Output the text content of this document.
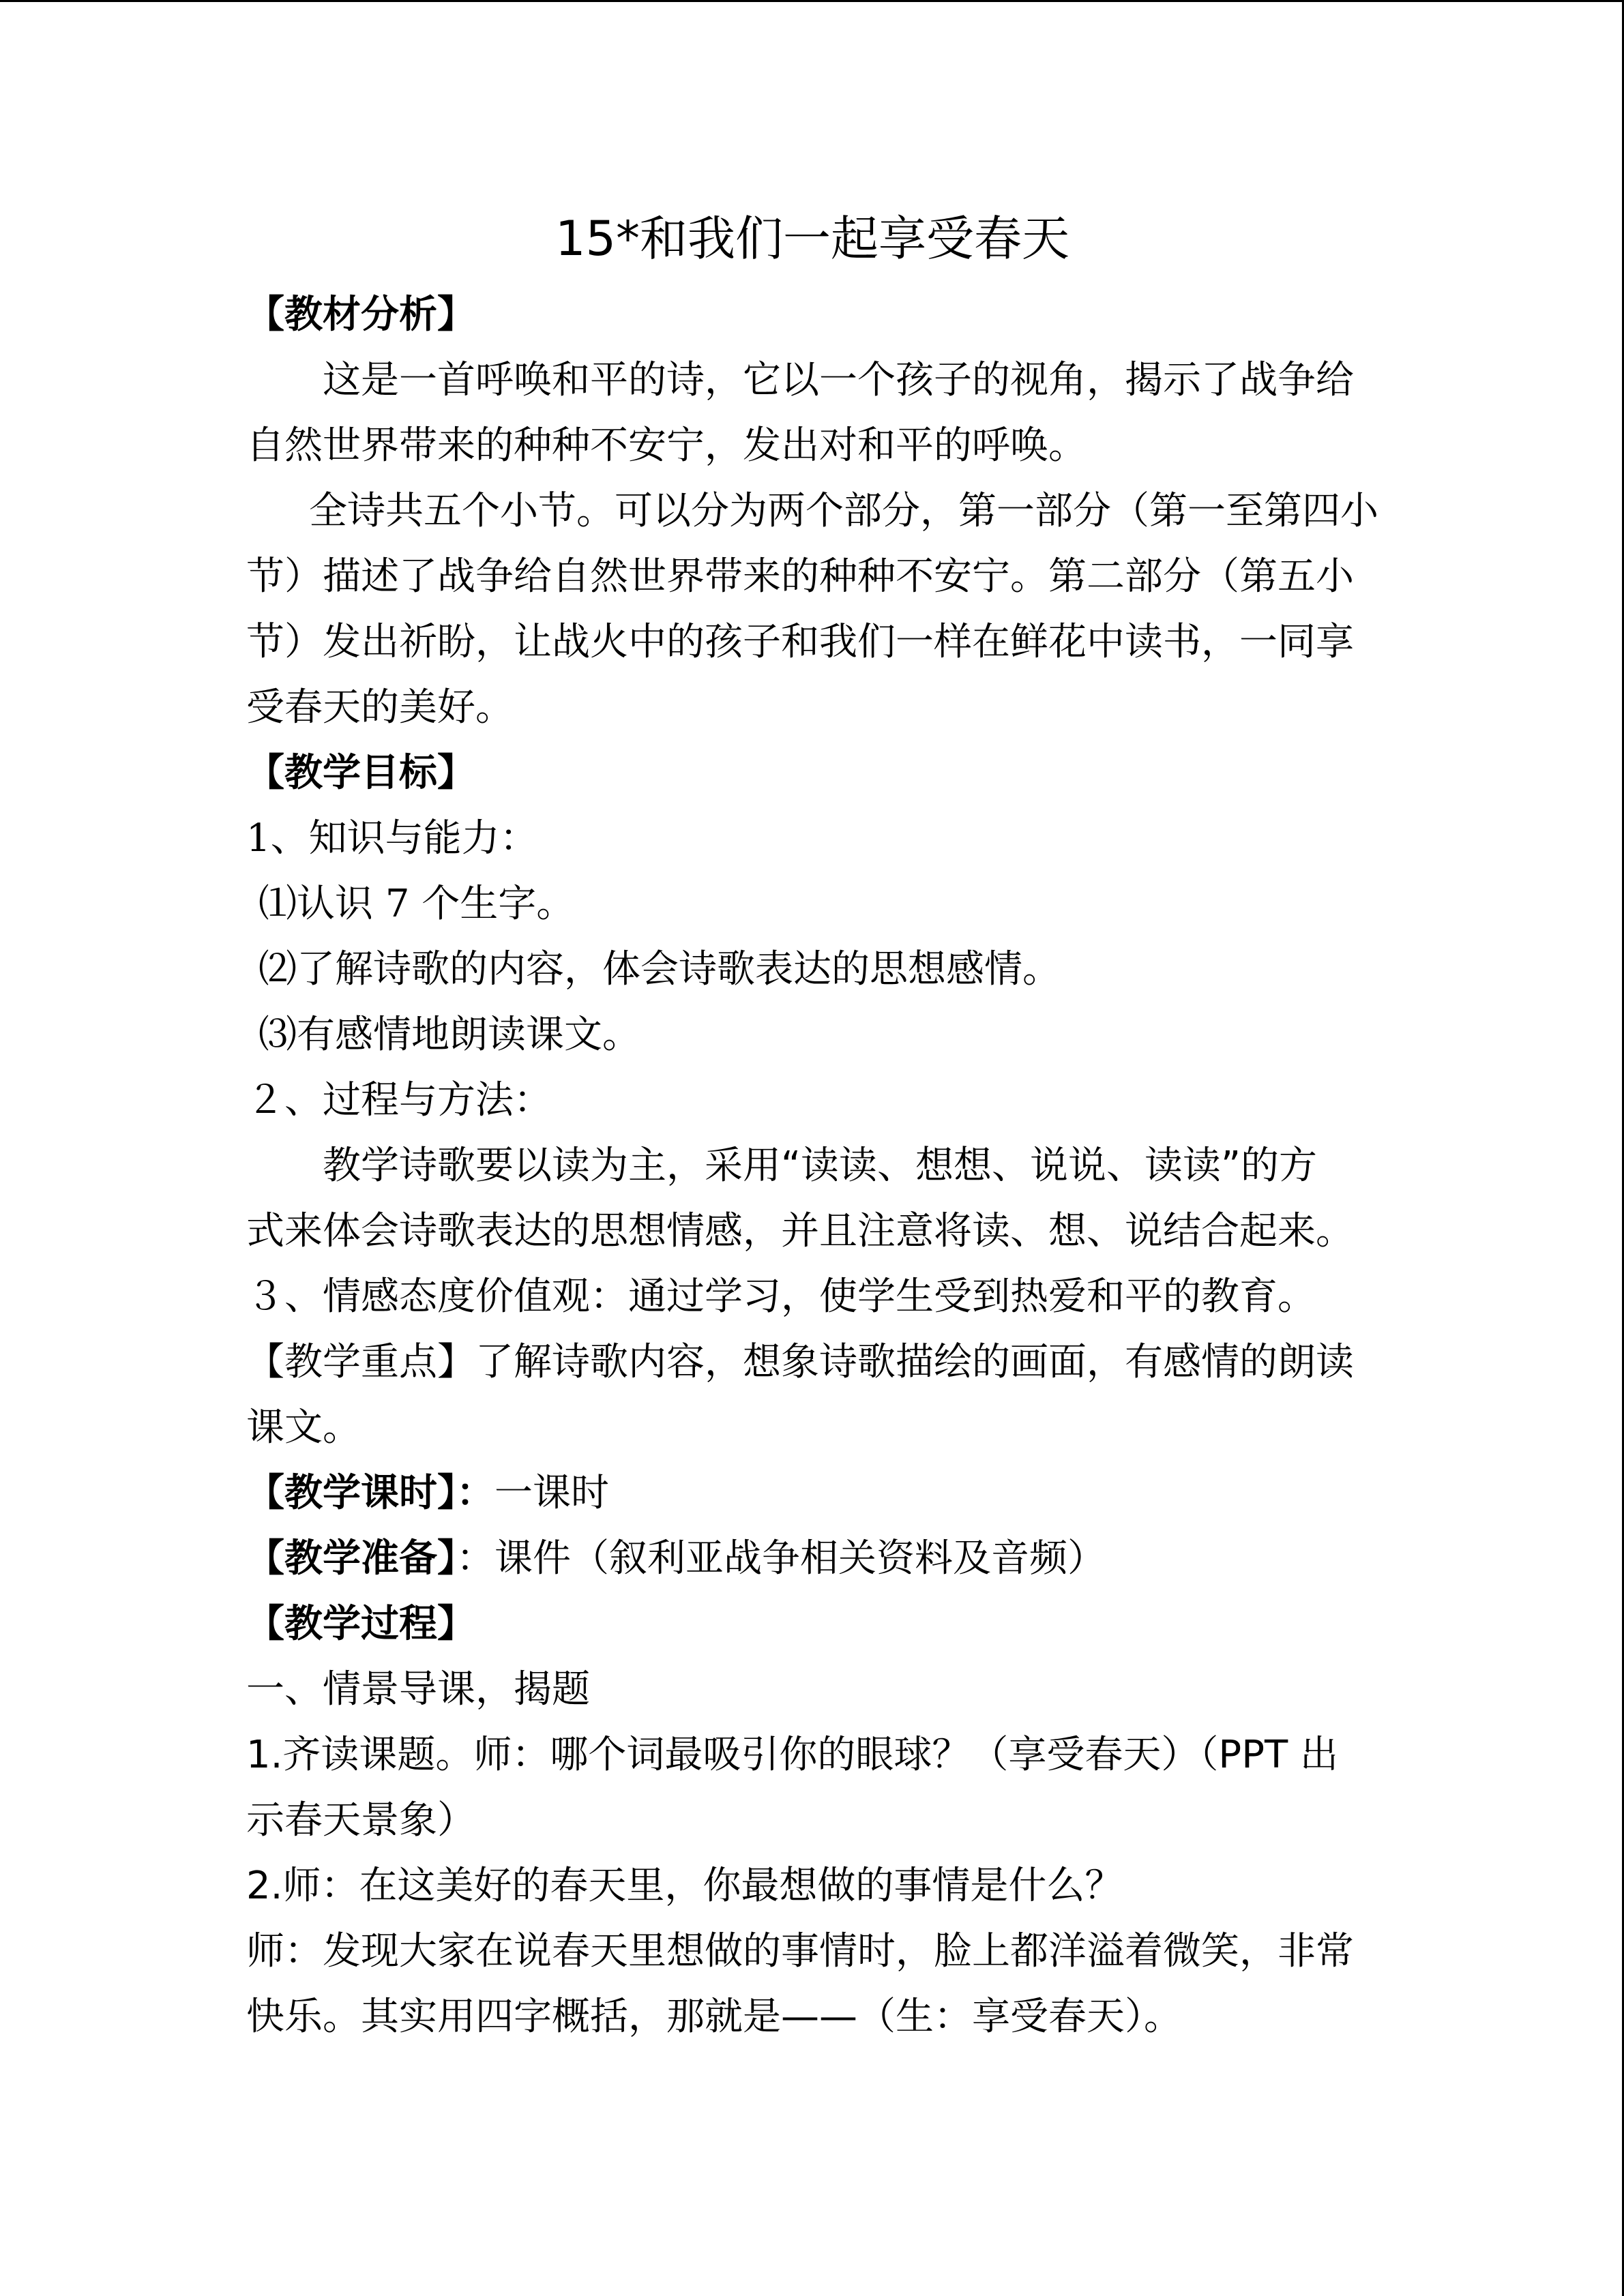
15*和我们一起享受春天
【教材分析】
这是一首呼唤和平的诗，它以一个孩子的视角，揭示了战争给
自然世界带来的种种不安宁，发出对和平的呼唤。
全诗共五个小节。可以分为两个部分，第一部分（第一至第四小
节）描述了战争给自然世界带来的种种不安宁。第二部分（第五小
节）发出祈盼，让战火中的孩子和我们一样在鲜花中读书，一同享
受春天的美好。
【教学目标】
1、知识与能力：
⑴认识 7 个生字。
⑵了解诗歌的内容，体会诗歌表达的思想感情。
⑶有感情地朗读课文。
２、过程与方法：
教学诗歌要以读为主，采用“读读、想想、说说、读读”的方
式来体会诗歌表达的思想情感，并且注意将读、想、说结合起来。
３、情感态度价值观：通过学习，使学生受到热爱和平的教育。
【教学重点】了解诗歌内容，想象诗歌描绘的画面，有感情的朗读
课文。
【教学课时】：一课时
【教学准备】：课件（叙利亚战争相关资料及音频）
【教学过程】
一、情景导课，揭题
1.齐读课题。师：哪个词最吸引你的眼球？（享受春天）（PPT 出
示春天景象）
2.师：在这美好的春天里，你最想做的事情是什么？
师：发现大家在说春天里想做的事情时，脸上都洋溢着微笑，非常
快乐。其实用四字概括，那就是——（生：享受春天）。
